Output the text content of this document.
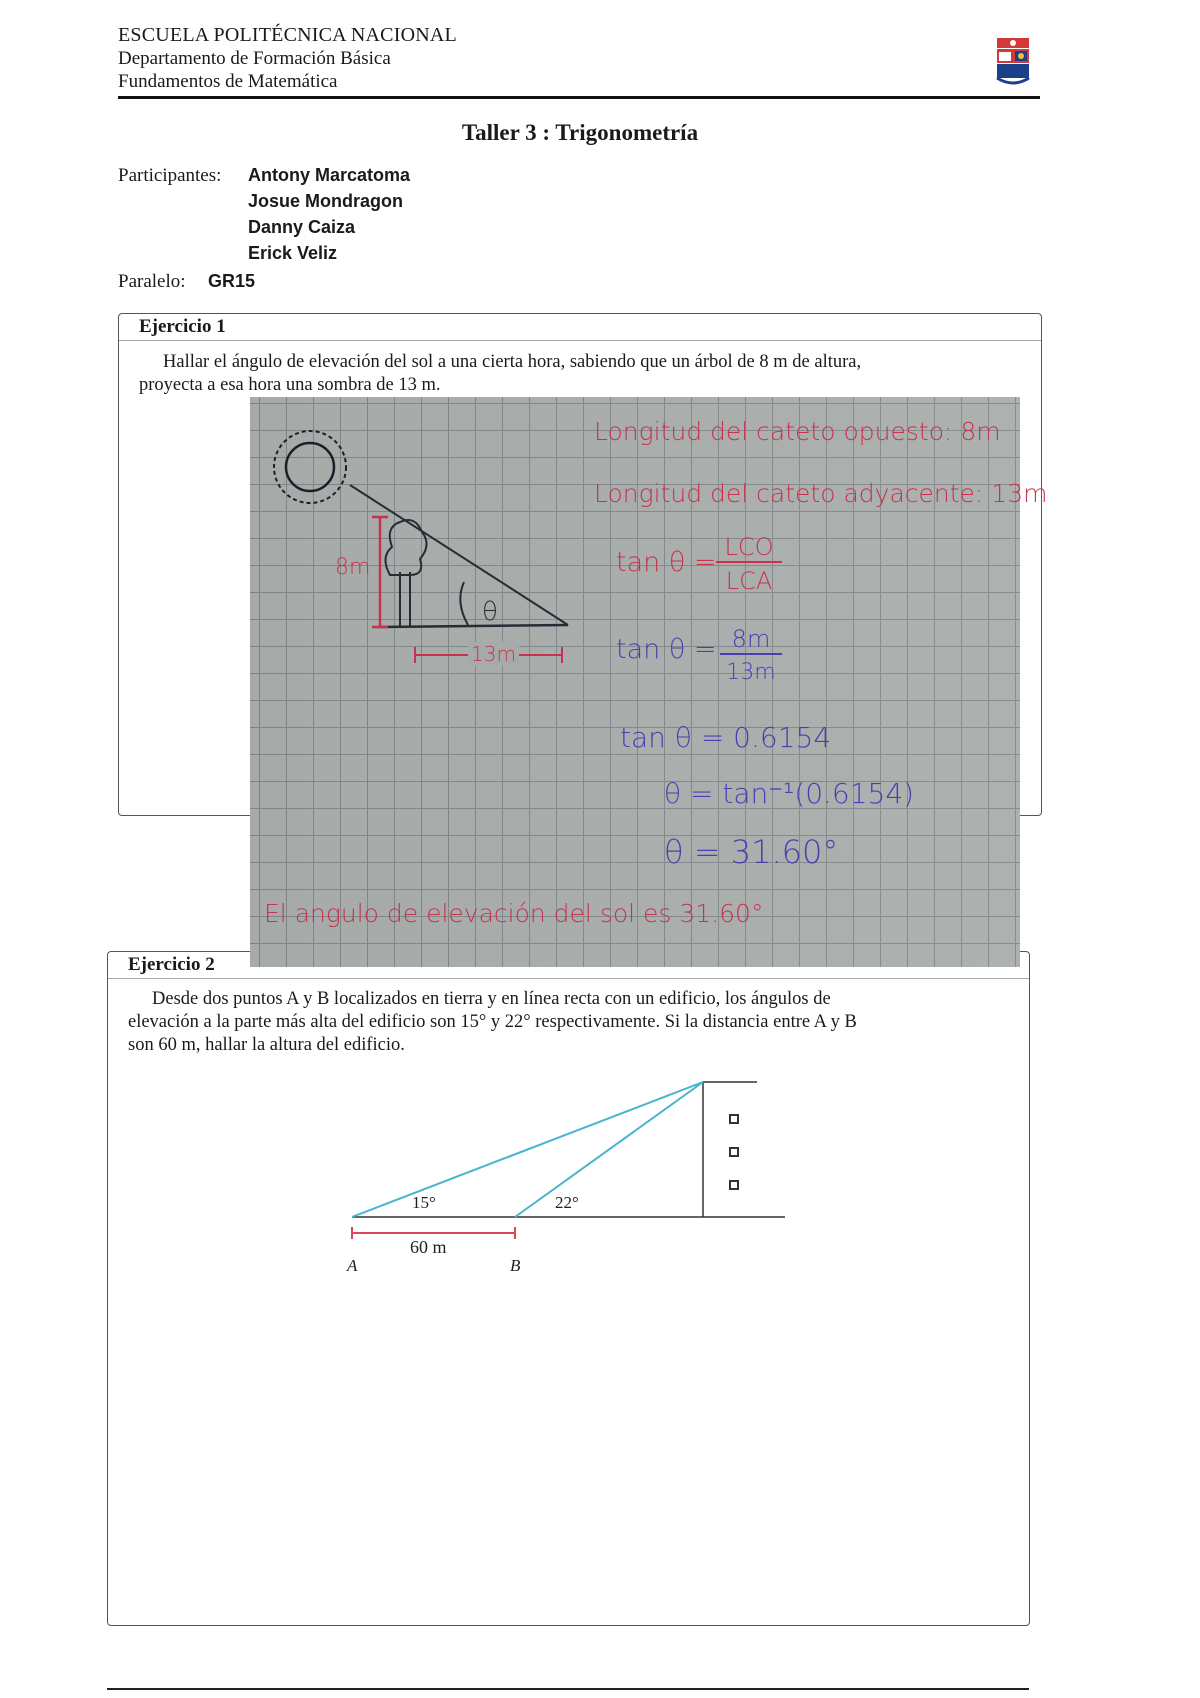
ESCUELA POLITÉCNICA NACIONAL
Departamento de Formación Básica
Fundamentos de Matemática
Taller 3 : Trigonometría
Participantes: Antony Marcatoma
Josue Mondragon
Danny Caiza
Erick Veliz
Paralelo: GR15
Ejercicio 1
Hallar el ángulo de elevación del sol a una cierta hora, sabiendo que un árbol de 8 m de altura,
proyecta a esa hora una sombra de 13 m.
Ejercicio 2
Desde dos puntos A y B localizados en tierra y en línea recta con un edificio, los ángulos de
elevación a la parte más alta del edificio son 15° y 22° respectivamente. Si la distancia entre A y B
son 60 m, hallar la altura del edificio.
15°	22°
60 m
A	B
8m
13m
θ
Longitud del cateto opuesto: 8m
Longitud del cateto adyacente: 13m
tan θ = LCO
LCA
tan θ = 8m
13m
tan θ = 0.6154
θ = tan⁻¹(0.6154)
θ = 31.60°
El angulo de elevación del sol es 31.60°
